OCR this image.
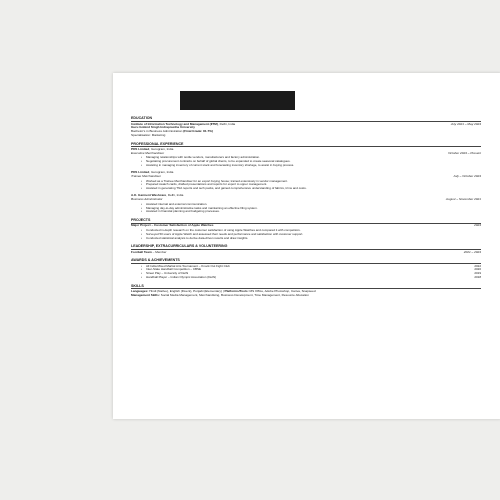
EDUCATION
Institute of Information Technology and Management (IITM), Delhi, India	July 2021 – May 2024
Guru Gobind Singh Indraprastha University
Bachelor's in Business Administration (Final Grade: 81.7%)
Specialisation: Marketing
PROFESSIONAL EXPERIENCE
PDS Limited, Gurugram, India
Executive Merchandiser	October 2024 – Present
• Managing relationships with textile vendors, manufacturers and factory administration.
• Negotiating procurement contracts on behalf of global clients, to be expanded to create seasonal catalogues.
• Assisting in managing inventory of current stock and forecasting inventory shortage, to assist in buying process.
PDS Limited, Gurugram, India
Trainee Merchandiser	July – October 2024
• Worked as a Trainee Merchandiser for an export buying house; trained extensively in vendor management.
• Prepared swatch cards, drafted presentations and reports for export to upper management.
• Assisted in generating TNA reports and tech packs, and gained comprehensive understanding of fabrics, trims and costs.
A.K. Garment Washcare, Delhi, India
Business Administrator	August – November 2021
• Assisted internal and external communication.
• Managing day-to-day administrative tasks and maintaining an effective filing system.
• Assisted in financial planning and budgeting processes.
PROJECTS
Major Project – Customer Satisfaction of Apple Watches	2024
• Conducted in-depth research on the customer satisfaction of using Apple Watches and compared it with competitors.
• Surveyed 50 users of Apple Watch and assessed their needs and performance and satisfaction with customer support.
• Conducted statistical analysis to derive data-driven results and draw insights.
LEADERSHIP, EXTRACURRICULARS & VOLUNTEERING
Football Team – Member	2021 – 2024
AWARDS & ACHIEVEMENTS
• All India Mixed Martial Arts Tournament – Knock Out Fight Club	2022
• Inter-State Handball Competition – CBSE	2020
• Street Play – University of Delhi	2019
• Handball Player – Indian Olympic Association (Delhi)	2018
SKILLS
Languages: Hindi (Native), English (Fluent), Punjabi (Elementary) | Platforms/Tools: MS Office, Adobe Photoshop, Canva, Snapseed
Management Skills: Social Media Management, Merchandising, Business Development, Time Management, Resource Allocation
